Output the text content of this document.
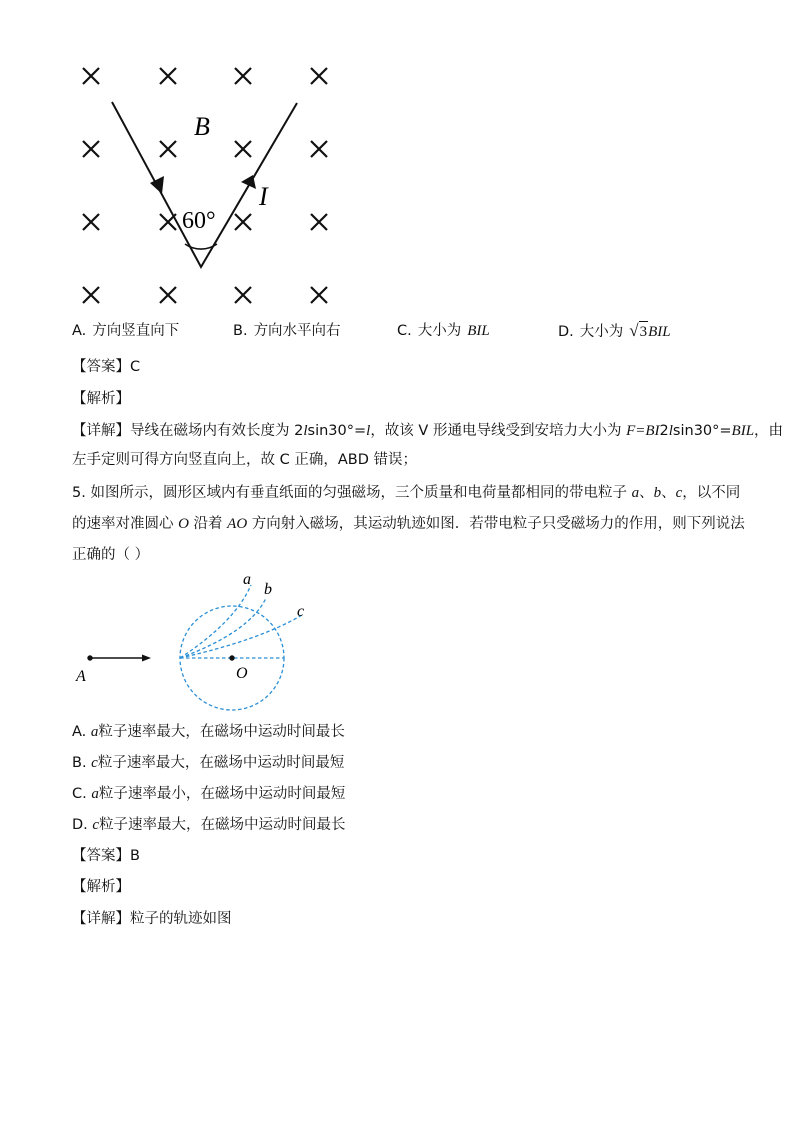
B
I
60°
A. 方向竖直向下	B. 方向水平向右	C. 大小为 BIL	D. 大小为 √ 3 BIL
【答案】C
【解析】
【详解】导线在磁场内有效长度为 2lsin30°=l，故该 V 形通电导线受到安培力大小为 F=BI2lsin30°=BIL，由
左手定则可得方向竖直向上，故 C 正确，ABD 错误；
5. 如图所示，圆形区域内有垂直纸面的匀强磁场，三个质量和电荷量都相同的带电粒子 a、b、c，以不同
的速率对准圆心 O 沿着 AO 方向射入磁场，其运动轨迹如图．若带电粒子只受磁场力的作用，则下列说法
正确的（ ）
a
b
c
A	O
A. a粒子速率最大，在磁场中运动时间最长
B. c粒子速率最大，在磁场中运动时间最短
C. a粒子速率最小，在磁场中运动时间最短
D. c粒子速率最大，在磁场中运动时间最长
【答案】B
【解析】
【详解】粒子的轨迹如图
